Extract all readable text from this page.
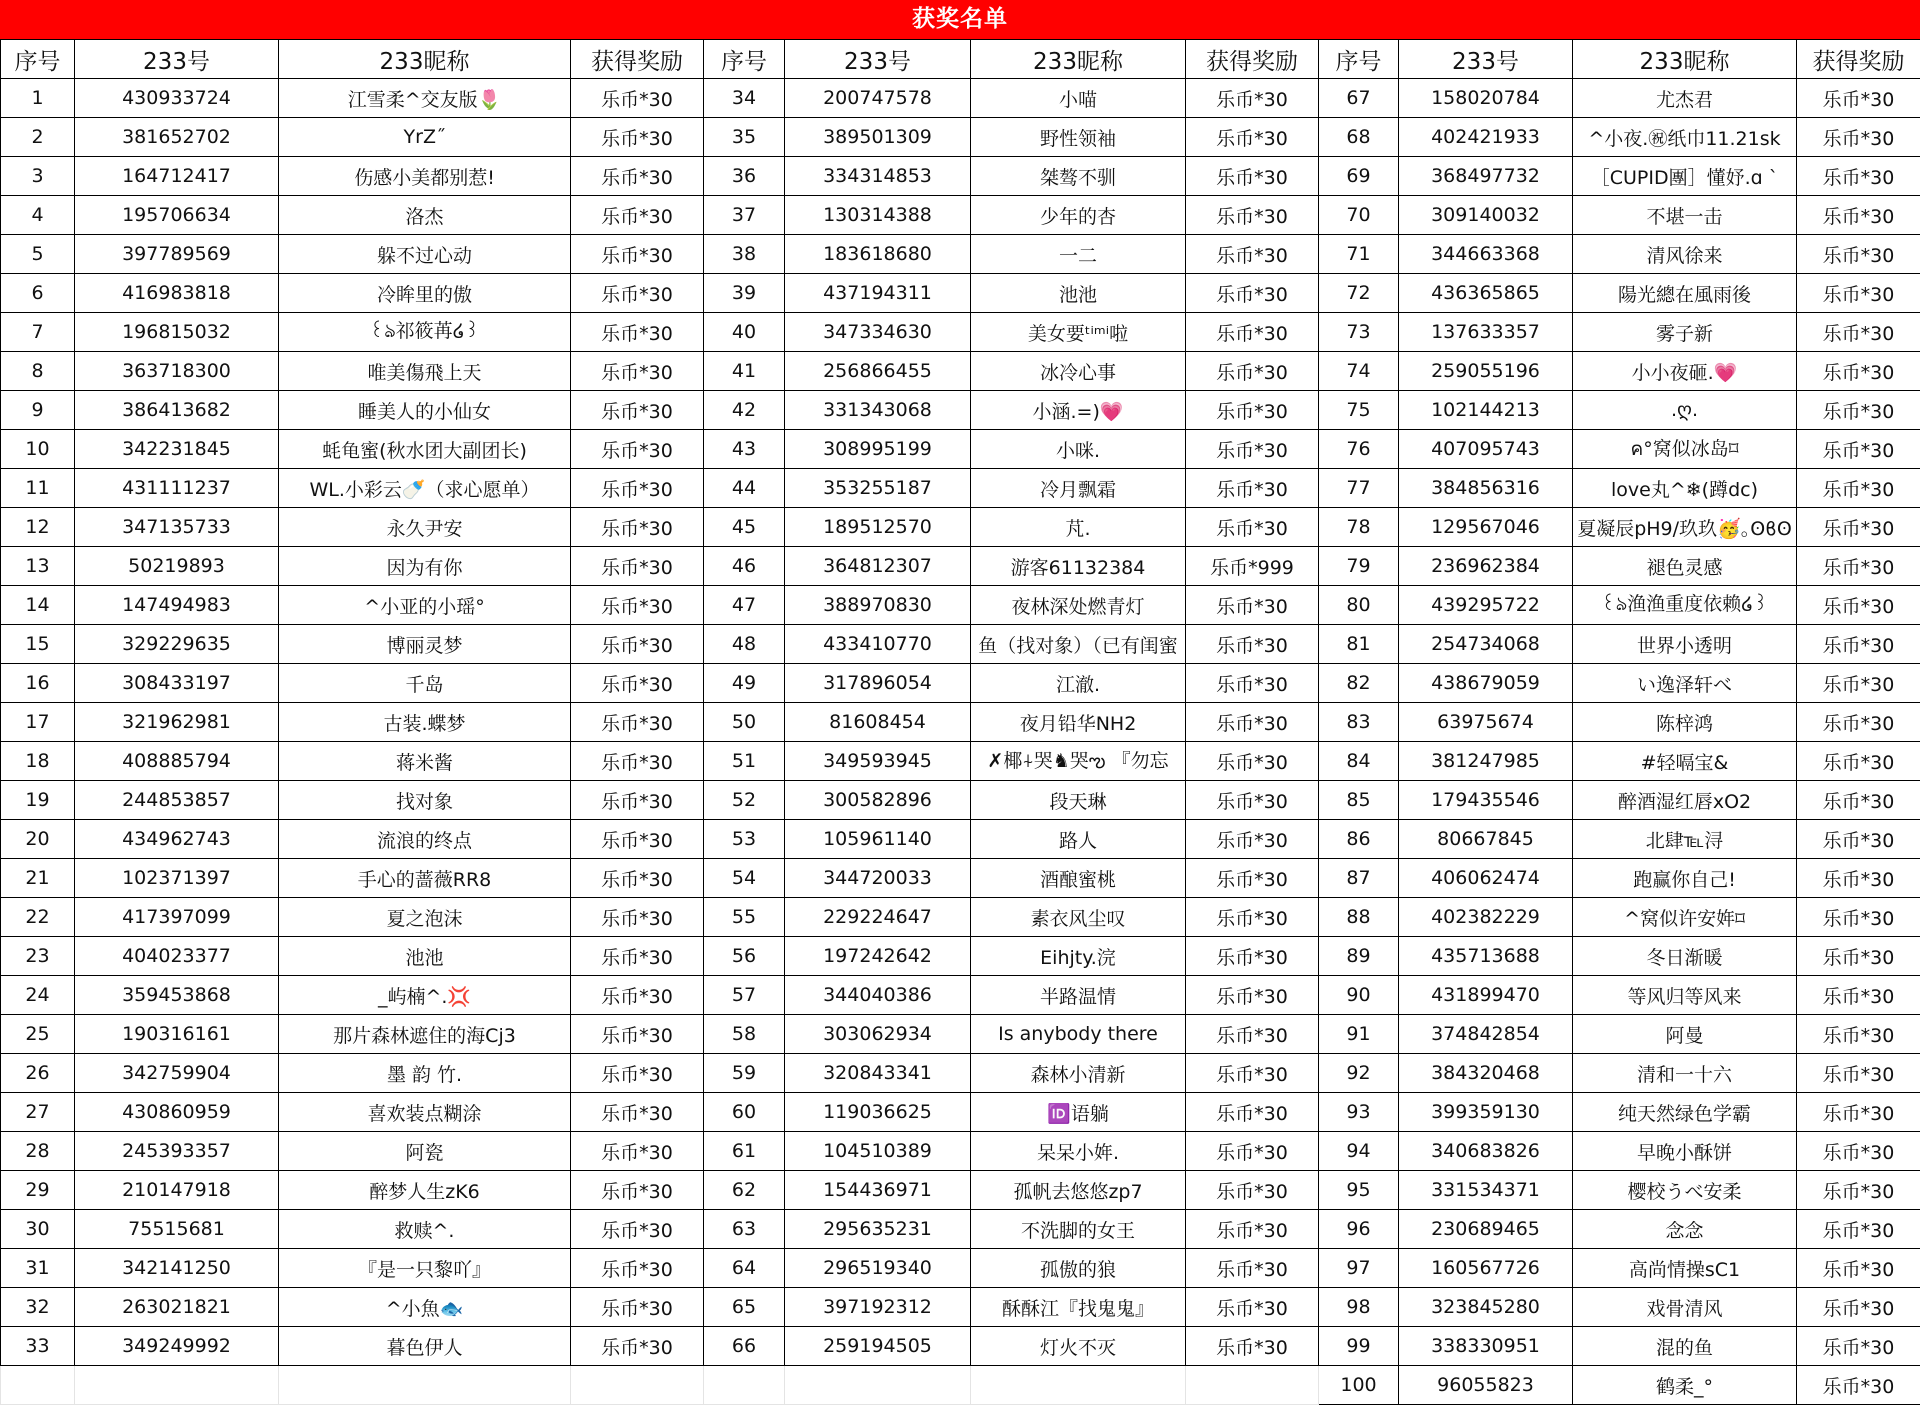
获奖名单
序号	233号	233昵称	获得奖励	序号	233号	233昵称	获得奖励	序号	233号	233昵称	获得奖励
1	430933724	江雪柔^交友版🌷	乐币*30	34	200747578	小喵	乐币*30	67	158020784	尤杰君	乐币*30
2	381652702	YrZ˝	乐币*30	35	389501309	野性领袖	乐币*30	68	402421933	^小夜.㊗纸巾11.21sk	乐币*30
3	164712417	伤感小美都别惹!	乐币*30	36	334314853	桀骜不驯	乐币*30	69	368497732	［CUPID團］懂妤.ɑ ˋ	乐币*30
4	195706634	洛杰	乐币*30	37	130314388	少年的杏	乐币*30	70	309140032	不堪一击	乐币*30
5	397789569	躲不过心动	乐币*30	38	183618680	一二	乐币*30	71	344663368	清风徐来	乐币*30
6	416983818	冷眸里的傲	乐币*30	39	437194311	池池	乐币*30	72	436365865	陽光總在風雨後	乐币*30
7	196815032	꒰ঌ祁筱苒໒꒱	乐币*30	40	347334630	美女要ᵗⁱᵐⁱ啦	乐币*30	73	137633357	雾子新	乐币*30
8	363718300	唯美傷飛上天	乐币*30	41	256866455	冰冷心事	乐币*30	74	259055196	小小夜砸.💗	乐币*30
9	386413682	睡美人的小仙女	乐币*30	42	331343068	小涵.=)💗	乐币*30	75	102144213	.ღ.	乐币*30
10	342231845	蚝龟蜜(秋水团大副团长)	乐币*30	43	308995199	小咪.	乐币*30	76	407095743	ค°窝似冰岛⌑	乐币*30
11	431111237	WL.小彩云🍼（求心愿单）	乐币*30	44	353255187	冷月飘霜	乐币*30	77	384856316	love丸^❄(蹲dc)	乐币*30
12	347135733	永久尹安	乐币*30	45	189512570	芃.	乐币*30	78	129567046	夏凝辰pH9/玖玖🥳｡ʘϐʘ	乐币*30
13	50219893	因为有你	乐币*30	46	364812307	游客61132384	乐币*999	79	236962384	褪色灵感	乐币*30
14	147494983	^小亚的小瑶°	乐币*30	47	388970830	夜林深处燃青灯	乐币*30	80	439295722	꒰ঌ渔渔重度依赖໒꒱	乐币*30
15	329229635	博丽灵梦	乐币*30	48	433410770	鱼（找对象）（已有闺蜜	乐币*30	81	254734068	世界小透明	乐币*30
16	308433197	千岛	乐币*30	49	317896054	江澈.	乐币*30	82	438679059	い逸泽轩べ	乐币*30
17	321962981	古装.蝶梦	乐币*30	50	81608454	夜月铅华NH2	乐币*30	83	63975674	陈梓鸿	乐币*30
18	408885794	蒋米酱	乐币*30	51	349593945	✗椰⍭哭♞哭ఌ 『勿忘	乐币*30	84	381247985	#轻嗝宝&	乐币*30
19	244853857	找对象	乐币*30	52	300582896	段天琳	乐币*30	85	179435546	醉酒湿红唇xO2	乐币*30
20	434962743	流浪的终点	乐币*30	53	105961140	路人	乐币*30	86	80667845	北肆℡浔	乐币*30
21	102371397	手心的蔷薇RR8	乐币*30	54	344720033	酒酿蜜桃	乐币*30	87	406062474	跑赢你自己!	乐币*30
22	417397099	夏之泡沫	乐币*30	55	229224647	素衣风尘叹	乐币*30	88	402382229	^窝似许安姩⌑	乐币*30
23	404023377	池池	乐币*30	56	197242642	Eihjty.浣	乐币*30	89	435713688	冬日渐暖	乐币*30
24	359453868	_屿楠^.💢	乐币*30	57	344040386	半路温情	乐币*30	90	431899470	等风归等风来	乐币*30
25	190316161	那片森林遮住的海Cj3	乐币*30	58	303062934	Is anybody there	乐币*30	91	374842854	阿曼	乐币*30
26	342759904	墨 韵 竹.	乐币*30	59	320843341	森林小清新	乐币*30	92	384320468	清和一十六	乐币*30
27	430860959	喜欢装点糊涂	乐币*30	60	119036625	🆔语躺	乐币*30	93	399359130	纯天然绿色学霸	乐币*30
28	245393357	阿瓷	乐币*30	61	104510389	呆呆小姩.	乐币*30	94	340683826	早晚小酥饼	乐币*30
29	210147918	醉梦人生zK6	乐币*30	62	154436971	孤帆去悠悠zp7	乐币*30	95	331534371	樱校うべ安柔	乐币*30
30	75515681	救赎^.	乐币*30	63	295635231	不洗脚的女王	乐币*30	96	230689465	念念	乐币*30
31	342141250	『是一只黎吖』	乐币*30	64	296519340	孤傲的狼	乐币*30	97	160567726	高尚情操sC1	乐币*30
32	263021821	^小魚🐟	乐币*30	65	397192312	酥酥江『找鬼鬼』	乐币*30	98	323845280	戏骨清风	乐币*30
33	349249992	暮色伊人	乐币*30	66	259194505	灯火不灭	乐币*30	99	338330951	混的鱼	乐币*30
								100	96055823	鹤柔_°	乐币*30
